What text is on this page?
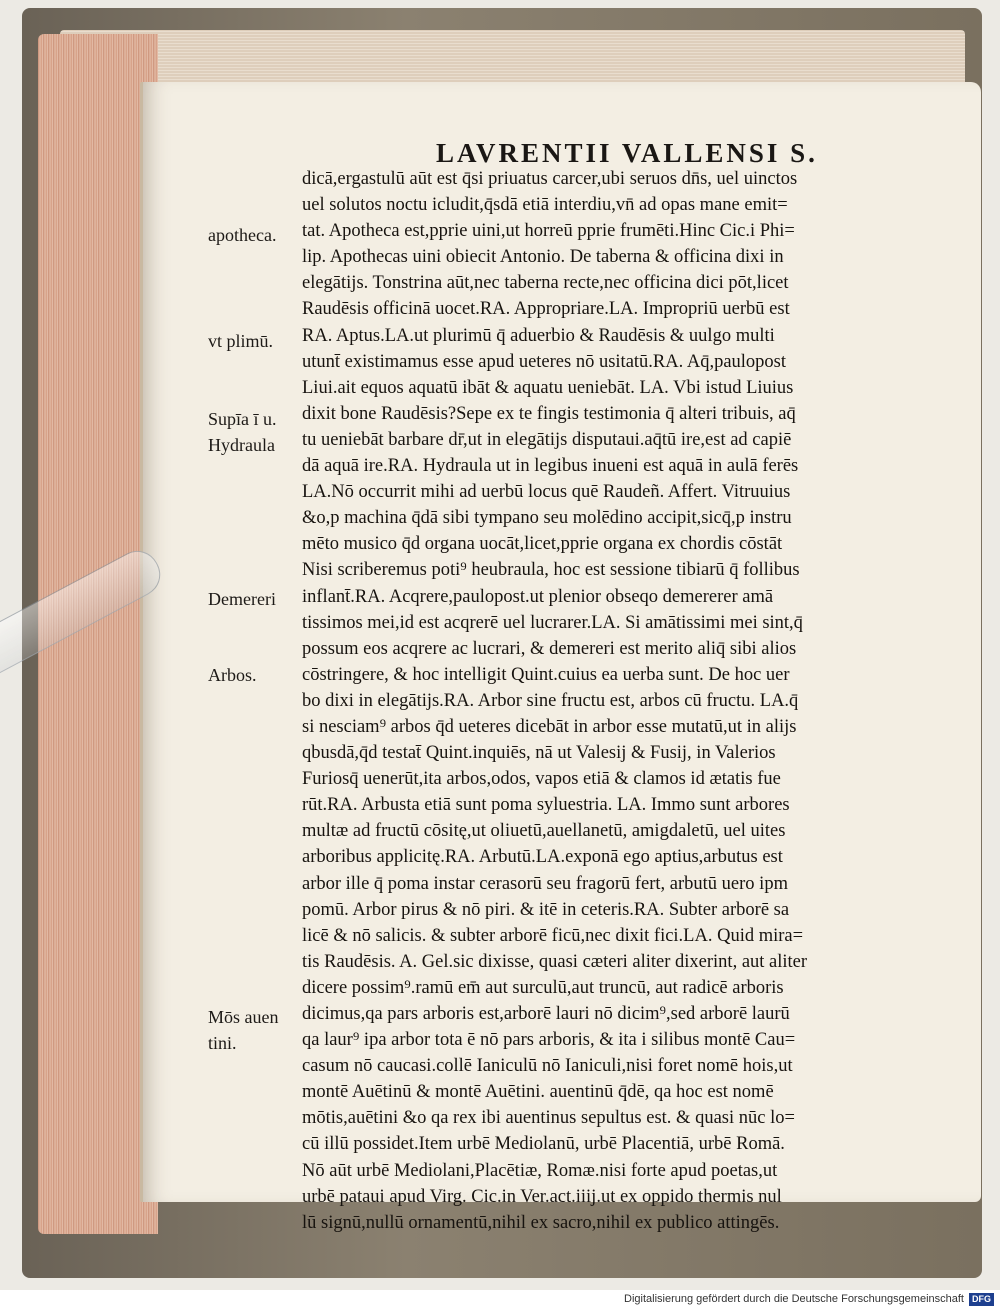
LAVRENTII VALLENSI S.
apotheca.
vt plimū.
Supīa ī u.
Hydraula
Demereri
Arbos.
Mōs auen
tini.
dicā,ergastulū aūt est q̄si priuatus carcer,ubi seruos dn̄s, uel uinctos
uel solutos noctu icludit,q̄sdā etiā interdiu,vn̄ ad opas mane emit=
tat. Apotheca est,pprie uini,ut horreū pprie frumēti.Hinc Cic.i Phi=
lip. Apothecas uini obiecit Antonio. De taberna & officina dixi in
elegātijs. Tonstrina aūt,nec taberna recte,nec officina dici pōt,licet
Raudēsis officinā uocet.RA. Appropriare.LA. Impropriū uerbū est
RA. Aptus.LA.ut plurimū q̄ aduerbio & Raudēsis & uulgo multi
utunt̄ existimamus esse apud ueteres nō usitatū.RA. Aq̄,paulopost
Liui.ait equos aquatū ibāt & aquatu ueniebāt. LA. Vbi istud Liuius
dixit bone Raudēsis?Sepe ex te fingis testimonia q̄ alteri tribuis, aq̄
tu ueniebāt barbare dr̄,ut in elegātijs disputaui.aq̄tū ire,est ad capiē
dā aquā ire.RA. Hydraula ut in legibus inueni est aquā in aulā ferēs
LA.Nō occurrit mihi ad uerbū locus quē Raudeñ. Affert. Vitruuius
&o,p machina q̄dā sibi tympano seu molēdino accipit,sicq̄,p instru
mēto musico q̄d organa uocāt,licet,pprie organa ex chordis cōstāt
Nisi scriberemus poti⁹ heubraula, hoc est sessione tibiarū q̄ follibus
inflant̄.RA. Acqrere,paulopost.ut plenior obseqo demererer amā
tissimos mei,id est acqrerē uel lucrarer.LA. Si amātissimi mei sint,q̄
possum eos acqrere ac lucrari, & demereri est merito aliq̄ sibi alios
cōstringere, & hoc intelligit Quint.cuius ea uerba sunt. De hoc uer
bo dixi in elegātijs.RA. Arbor sine fructu est, arbos cū fructu. LA.q̄
si nesciam⁹ arbos q̄d ueteres dicebāt in arbor esse mutatū,ut in alijs
qbusdā,q̄d testat̄ Quint.inquiēs, nā ut Valesij & Fusij, in Valerios
Furiosq̄ uenerūt,ita arbos,odos, vapos etiā & clamos id ætatis fue
rūt.RA. Arbusta etiā sunt poma syluestria. LA. Immo sunt arbores
multæ ad fructū cōsitę,ut oliuetū,auellanetū, amigdaletū, uel uites
arboribus applicitę.RA. Arbutū.LA.exponā ego aptius,arbutus est
arbor ille q̄ poma instar cerasorū seu fragorū fert, arbutū uero ipm
pomū. Arbor pirus & nō piri. & itē in ceteris.RA. Subter arborē sa
licē & nō salicis. & subter arborē ficū,nec dixit fici.LA. Quid mira=
tis Raudēsis. A. Gel.sic dixisse, quasi cæteri aliter dixerint, aut aliter
dicere possim⁹.ramū em̄ aut surculū,aut truncū, aut radicē arboris
dicimus,qa pars arboris est,arborē lauri nō dicim⁹,sed arborē laurū
qa laur⁹ ipa arbor tota ē nō pars arboris, & ita i silibus montē Cau=
casum nō caucasi.collē Ianiculū nō Ianiculi,nisi foret nomē hois,ut
montē Auētinū & montē Auētini. auentinū q̄dē, qa hoc est nomē
mōtis,auētini &o qa rex ibi auentinus sepultus est. & quasi nūc lo=
cū illū possidet.Item urbē Mediolanū, urbē Placentiā, urbē Romā.
Nō aūt urbē Mediolani,Placētiæ, Romæ.nisi forte apud poetas,ut
urbē pataui apud Virg. Cic.in Ver.act.iiij.ut ex oppido thermis nul
lū signū,nullū ornamentū,nihil ex sacro,nihil ex publico attingēs.
Digitalisierung gefördert durch die Deutsche Forschungsgemeinschaft DFG
